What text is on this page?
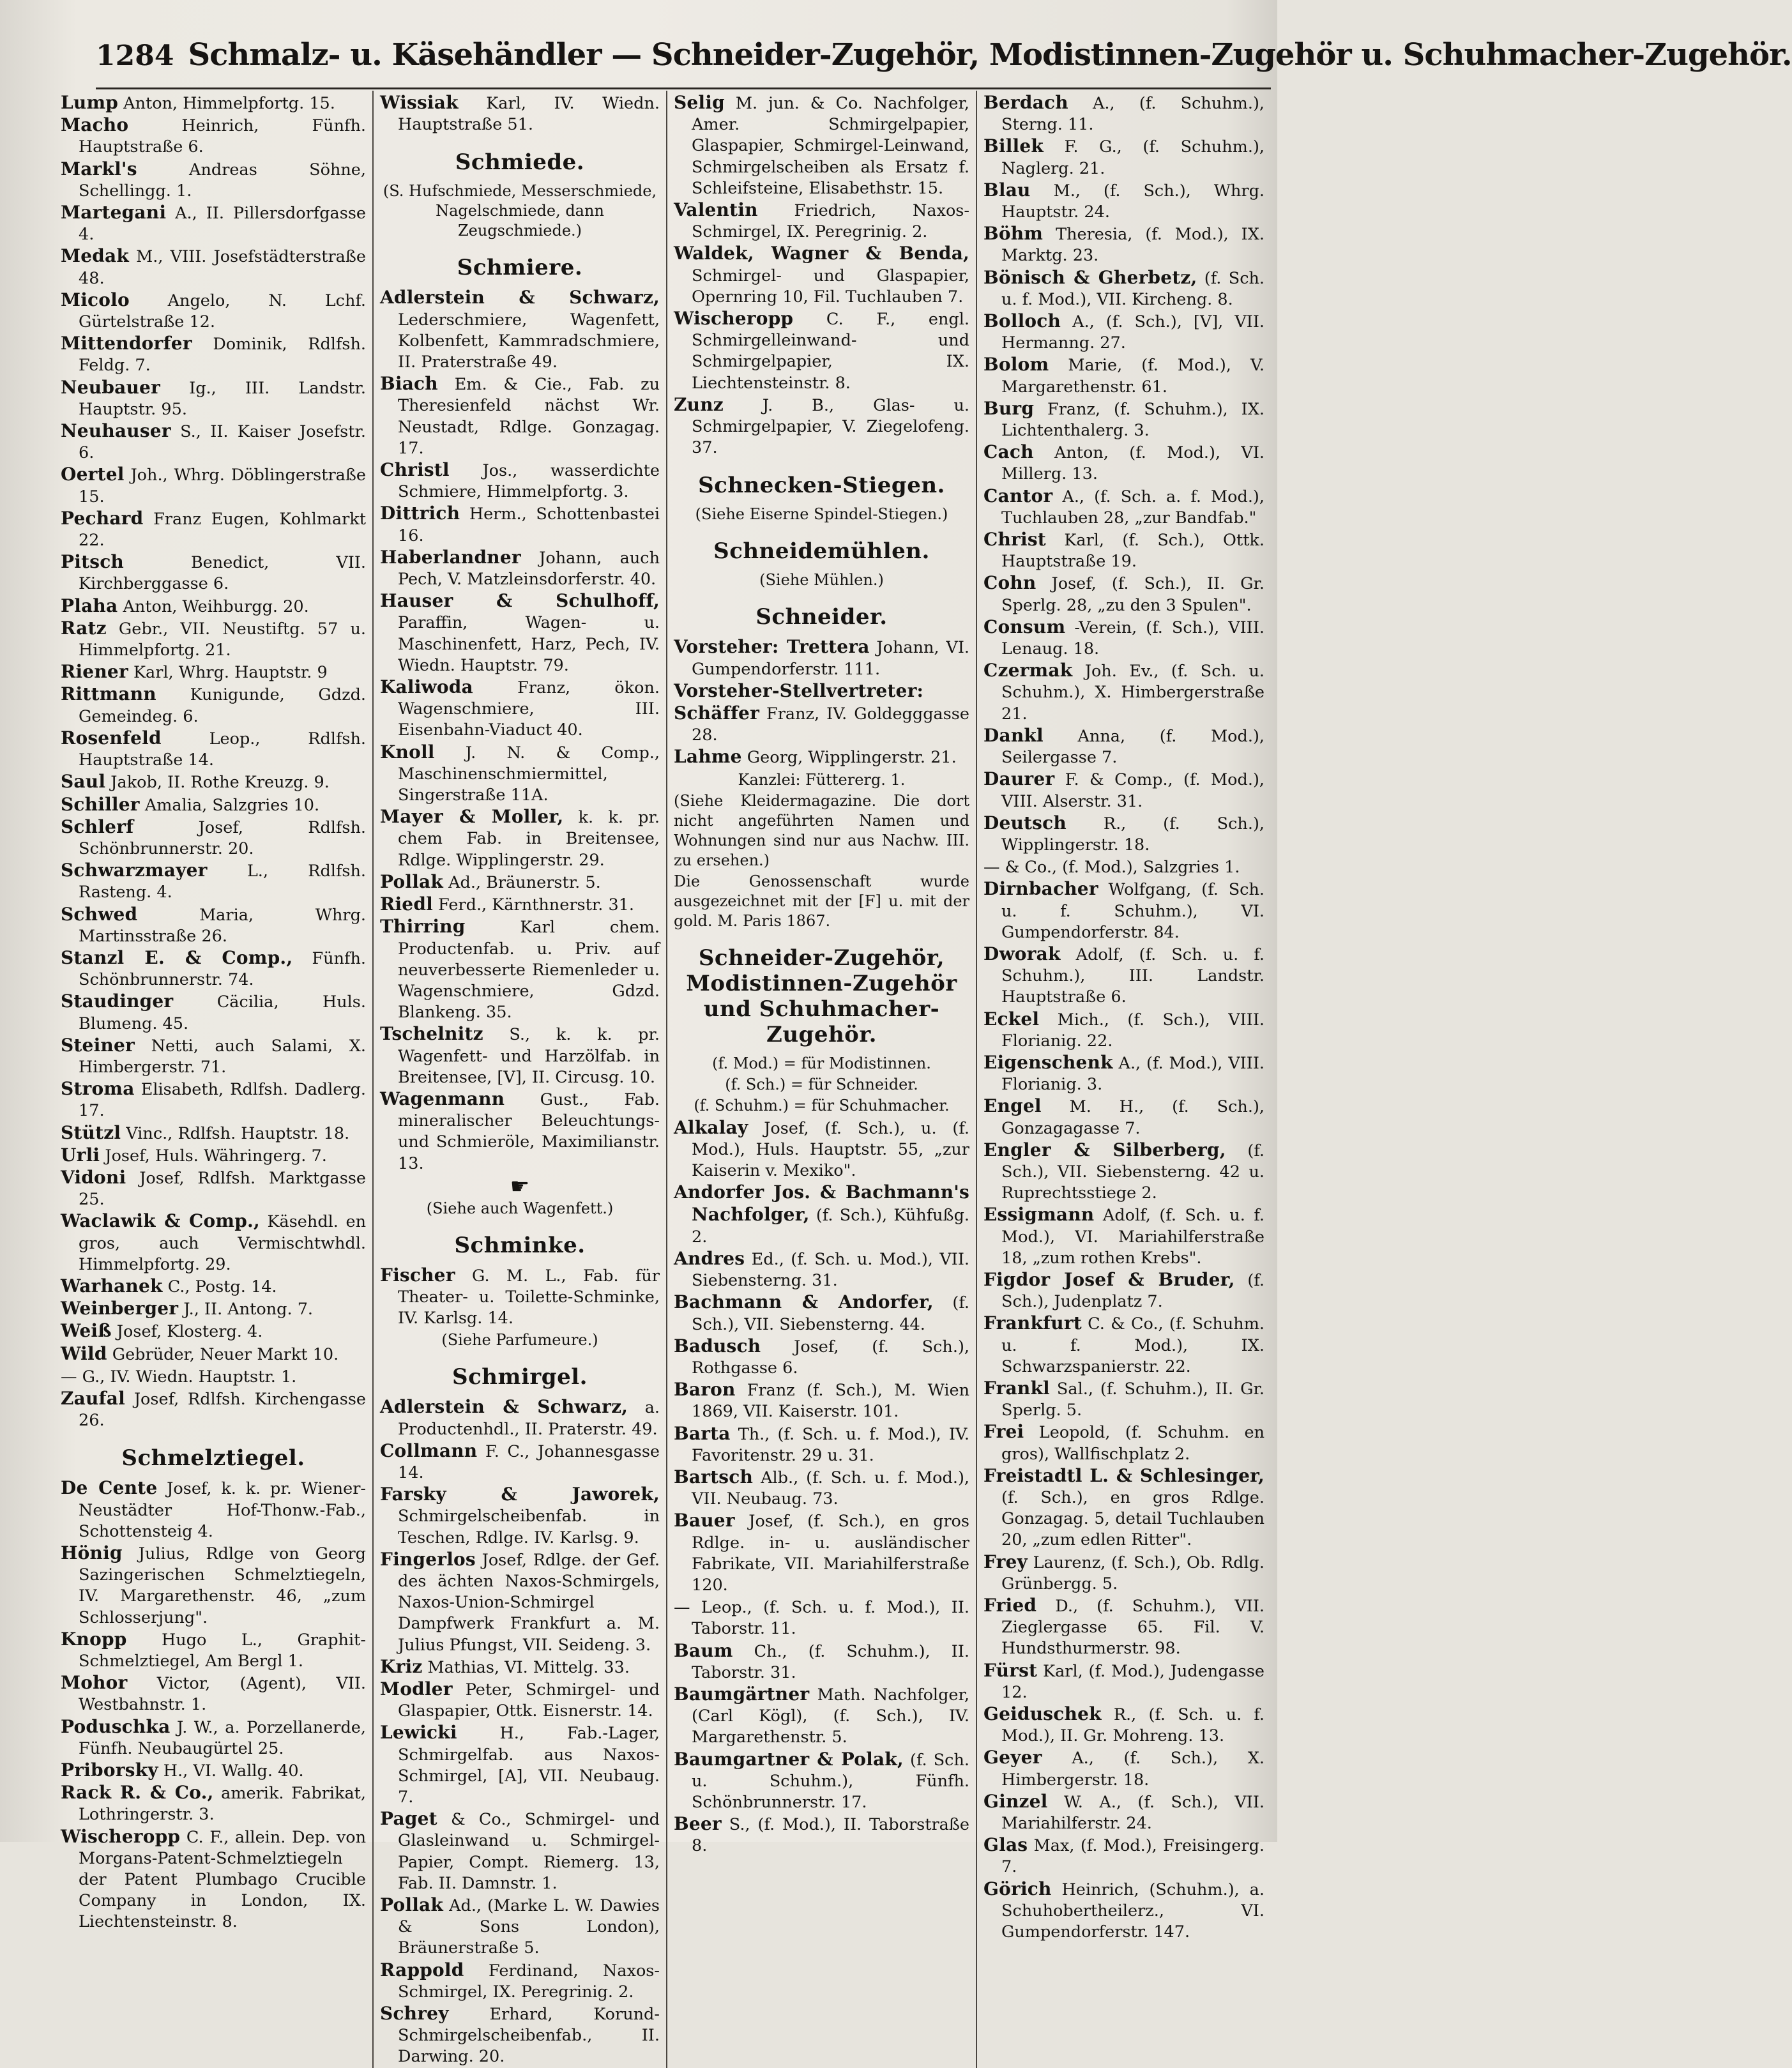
1284 Schmalz- u. Käsehändler — Schneider-Zugehör, Modistinnen-Zugehör u. Schuhmacher-Zugehör.

Lump Anton, Himmelpfortg. 15.

Macho	Heinrich, Fünfh. Hauptstraße 6.

Markl's	Andreas Söhne, Schellingg. 1.

Martegani A., II. Pillersdorfgasse 4.

Medak M., VIII. Josefstädterstraße 48.

Micolo Angelo, N. Lchf. Gürtelstraße 12.

Mittendorfer Dominik, Rdlfsh. Feldg. 7.

Neubauer Ig., III. Landstr. Hauptstr. 95.

Neuhauser S., II. Kaiser Josefstr. 6.

Oertel Joh., Whrg. Döblingerstraße 15.

Pechard Franz Eugen, Kohlmarkt 22.

Pitsch	Benedict, VII. Kirchberggasse 6.

Plaha Anton, Weihburgg. 20.

Ratz Gebr., VII. Neustiftg. 57 u. Himmelpfortg. 21.

Riener Karl, Whrg. Hauptstr. 9

Rittmann Kunigunde, Gdzd. Gemeindeg. 6.

Rosenfeld	Leop., Rdlfsh. Hauptstraße 14.

Saul Jakob, II. Rothe Kreuzg. 9.

Schiller Amalia, Salzgries 10.

Schlerf	Josef, Rdlfsh. Schönbrunnerstr. 20.

Schwarzmayer L., Rdlfsh. Rasteng. 4.

Schwed	Maria, Whrg. Martinsstraße 26.

Stanzl E. & Comp., Fünfh. Schönbrunnerstr. 74.

Staudinger	Cäcilia, Huls. Blumeng. 45.

Steiner Netti, auch Salami, X. Himbergerstr. 71.

Stroma Elisabeth, Rdlfsh. Dadlerg. 17.

Stützl Vinc., Rdlfsh. Hauptstr. 18.

Urli Josef, Huls. Währingerg. 7.

Vidoni Josef, Rdlfsh. Marktgasse 25.

Waclawik & Comp., Käsehdl. en gros, auch Vermischtwhdl. Himmelpfortg. 29.

Warhanek C., Postg. 14.

Weinberger J., II. Antong. 7.

Weiß Josef, Klosterg. 4.

Wild Gebrüder, Neuer Markt 10.

— G., IV. Wiedn. Hauptstr. 1.

Zaufal Josef, Rdlfsh. Kirchengasse 26.

Schmelztiegel.

De Cente Josef, k. k. pr. Wiener-Neustädter Hof-Thonw.-Fab., Schottensteig 4.

Hönig Julius, Rdlge von Georg Sazingerischen Schmelztiegeln, IV. Margarethenstr. 46, „zum Schlosserjung".

Knopp Hugo L., Graphit-Schmelztiegel, Am Bergl 1.

Mohor Victor, (Agent), VII. Westbahnstr. 1.

Poduschka J. W., a. Porzellanerde, Fünfh. Neubaugürtel 25.

Priborsky H., VI. Wallg. 40.

Rack R. & Co., amerik. Fabrikat, Lothringerstr. 3.

Wischeropp C. F., allein. Dep. von Morgans-Patent-Schmelztiegeln der Patent Plumbago Crucible Company in London, IX. Liechtensteinstr. 8.

Wissiak Karl, IV. Wiedn. Hauptstraße 51.

Schmiede.

(S. Hufschmiede, Messerschmiede, Nagelschmiede, dann Zeugschmiede.)

Schmiere.

Adlerstein & Schwarz, Lederschmiere, Wagenfett, Kolbenfett, Kammradschmiere, II. Praterstraße 49.

Biach Em. & Cie., Fab. zu Theresienfeld nächst Wr. Neustadt, Rdlge. Gonzagag. 17.

Christl Jos., wasserdichte Schmiere, Himmelpfortg. 3.

Dittrich Herm., Schottenbastei 16.

Haberlandner Johann, auch Pech, V. Matzleinsdorferstr. 40.

Hauser & Schulhoff, Paraffin, Wagen- u. Maschinenfett, Harz, Pech, IV. Wiedn. Hauptstr. 79.

Kaliwoda	Franz, ökon. Wagenschmiere, III. Eisenbahn-Viaduct 40.

Knoll J. N. & Comp., Maschinenschmiermittel, Singerstraße 11A.

Mayer & Moller, k. k. pr. chem Fab. in Breitensee, Rdlge. Wipplingerstr. 29.

Pollak Ad., Bräunerstr. 5.

Riedl Ferd., Kärnthnerstr. 31.

Thirring	Karl chem. Productenfab. u. Priv. auf neuverbesserte Riemenleder u. Wagenschmiere, Gdzd. Blankeng. 35.

Tschelnitz S., k. k. pr. Wagenfett- und Harzölfab. in Breitensee, [V], II. Circusg. 10.

Wagenmann Gust., Fab. mineralischer Beleuchtungs- und Schmieröle, Maximilianstr. 13.

☛

(Siehe auch Wagenfett.)

Schminke.

Fischer G. M. L., Fab. für Theater- u. Toilette-Schminke, IV. Karlsg. 14.

(Siehe Parfumeure.)

Schmirgel.

Adlerstein & Schwarz, a. Productenhdl., II. Praterstr. 49.

Collmann F. C., Johannesgasse 14.

Farsky & Jaworek, Schmirgelscheibenfab. in Teschen, Rdlge. IV. Karlsg. 9.

Fingerlos Josef, Rdlge. der Gef. des ächten Naxos-Schmirgels, Naxos-Union-Schmirgel Dampfwerk Frankfurt a. M. Julius Pfungst, VII. Seideng. 3.

Kriz Mathias, VI. Mittelg. 33.

Modler Peter, Schmirgel- und Glaspapier, Ottk. Eisnerstr. 14.

Lewicki	H., Fab.-Lager, Schmirgelfab. aus Naxos-Schmirgel, [A], VII. Neubaug. 7.

Paget & Co., Schmirgel- und Glasleinwand u. Schmirgel-Papier, Compt. Riemerg. 13, Fab. II. Damnstr. 1.

Pollak Ad., (Marke L. W. Dawies & Sons London), Bräunerstraße 5.

Rappold Ferdinand, Naxos-Schmirgel, IX. Peregrinig. 2.

Schrey	Erhard, Korund-Schmirgelscheibenfab., II. Darwing. 20.

Selig M. jun. & Co. Nachfolger, Amer. Schmirgelpapier, Glaspapier, Schmirgel-Leinwand, Schmirgelscheiben als Ersatz f. Schleifsteine, Elisabethstr. 15.

Valentin Friedrich, Naxos-Schmirgel, IX. Peregrinig. 2.

Waldek, Wagner & Benda, Schmirgel- und Glaspapier, Opernring 10, Fil. Tuchlauben 7.

Wischeropp C. F., engl. Schmirgelleinwand- und Schmirgelpapier, IX. Liechtensteinstr. 8.

Zunz J. B., Glas- u. Schmirgelpapier, V. Ziegelofeng. 37.

Schnecken-Stiegen.

(Siehe Eiserne Spindel-Stiegen.)

Schneidemühlen.

(Siehe Mühlen.)

Schneider.

Vorsteher: Trettera Johann, VI. Gumpendorferstr. 111.

Vorsteher-Stellvertreter:

Schäffer Franz, IV. Goldegggasse 28.

Lahme Georg, Wipplingerstr. 21.

Kanzlei: Füttererg. 1.

(Siehe Kleidermagazine. Die dort nicht angeführten Namen und Wohnungen sind nur aus Nachw. III. zu ersehen.)

Die Genossenschaft wurde ausgezeichnet mit der [F] u. mit der gold. M. Paris 1867.

Schneider-Zugehör, Modistinnen-Zugehör und Schuhmacher-Zugehör.

(f. Mod.) = für Modistinnen.

(f. Sch.) = für Schneider.

(f. Schuhm.) = für Schuhmacher.

Alkalay Josef, (f. Sch.), u. (f. Mod.), Huls. Hauptstr. 55, „zur Kaiserin v. Mexiko".

Andorfer Jos. & Bachmann's Nachfolger, (f. Sch.), Kühfußg. 2.

Andres Ed., (f. Sch. u. Mod.), VII. Siebensterng. 31.

Bachmann & Andorfer, (f. Sch.), VII. Siebensterng. 44.

Badusch Josef, (f. Sch.), Rothgasse 6.

Baron Franz (f. Sch.), M. Wien 1869, VII. Kaiserstr. 101.

Barta Th., (f. Sch. u. f. Mod.), IV. Favoritenstr. 29 u. 31.

Bartsch Alb., (f. Sch. u. f. Mod.), VII. Neubaug. 73.

Bauer Josef, (f. Sch.), en gros Rdlge. in- u. ausländischer Fabrikate, VII. Mariahilferstraße 120.

— Leop., (f. Sch. u. f. Mod.), II. Taborstr. 11.

Baum Ch., (f. Schuhm.), II. Taborstr. 31.

Baumgärtner Math. Nachfolger, (Carl Kögl), (f. Sch.), IV. Margarethenstr. 5.

Baumgartner & Polak, (f. Sch. u. Schuhm.), Fünfh. Schönbrunnerstr. 17.

Beer S., (f. Mod.), II. Taborstraße 8.

Berdach A., (f. Schuhm.), Sterng. 11.

Billek F. G., (f. Schuhm.), Naglerg. 21.

Blau M., (f. Sch.), Whrg. Hauptstr. 24.

Böhm Theresia, (f. Mod.), IX. Marktg. 23.

Bönisch & Gherbetz, (f. Sch. u. f. Mod.), VII. Kircheng. 8.

Bolloch A., (f. Sch.), [V], VII. Hermanng. 27.

Bolom Marie, (f. Mod.), V. Margarethenstr. 61.

Burg Franz, (f. Schuhm.), IX. Lichtenthalerg. 3.

Cach Anton, (f. Mod.), VI. Millerg. 13.

Cantor A., (f. Sch. a. f. Mod.), Tuchlauben 28, „zur Bandfab."

Christ Karl, (f. Sch.), Ottk. Hauptstraße 19.

Cohn Josef, (f. Sch.), II. Gr. Sperlg. 28, „zu den 3 Spulen".

Consum -Verein, (f. Sch.), VIII. Lenaug. 18.

Czermak Joh. Ev., (f. Sch. u. Schuhm.), X. Himbergerstraße 21.

Dankl Anna, (f. Mod.), Seilergasse 7.

Daurer F. & Comp., (f. Mod.), VIII. Alserstr. 31.

Deutsch R., (f. Sch.), Wipplingerstr. 18.

— & Co., (f. Mod.), Salzgries 1.

Dirnbacher Wolfgang, (f. Sch. u. f. Schuhm.), VI. Gumpendorferstr. 84.

Dworak Adolf, (f. Sch. u. f. Schuhm.), III. Landstr. Hauptstraße 6.

Eckel Mich., (f. Sch.), VIII. Florianig. 22.

Eigenschenk A., (f. Mod.), VIII. Florianig. 3.

Engel M. H., (f. Sch.), Gonzagagasse 7.

Engler & Silberberg, (f. Sch.), VII. Siebensterng. 42 u. Ruprechtsstiege 2.

Essigmann Adolf, (f. Sch. u. f. Mod.), VI. Mariahilferstraße 18, „zum rothen Krebs".

Figdor Josef & Bruder, (f. Sch.), Judenplatz 7.

Frankfurt C. & Co., (f. Schuhm. u. f. Mod.), IX. Schwarzspanierstr. 22.

Frankl Sal., (f. Schuhm.), II. Gr. Sperlg. 5.

Frei Leopold, (f. Schuhm. en gros), Wallfischplatz 2.

Freistadtl L. & Schlesinger, (f. Sch.), en gros Rdlge. Gonzagag. 5, detail Tuchlauben 20, „zum edlen Ritter".

Frey Laurenz, (f. Sch.), Ob. Rdlg. Grünbergg. 5.

Fried D., (f. Schuhm.), VII. Zieglergasse 65. Fil. V. Hundsthurmerstr. 98.

Fürst Karl, (f. Mod.), Judengasse 12.

Geiduschek R., (f. Sch. u. f. Mod.), II. Gr. Mohreng. 13.

Geyer A., (f. Sch.), X. Himbergerstr. 18.

Ginzel W. A., (f. Sch.), VII. Mariahilferstr. 24.

Glas Max, (f. Mod.), Freisingerg. 7.

Görich Heinrich, (Schuhm.), a. Schuhobertheilerz., VI. Gumpendorferstr. 147.
